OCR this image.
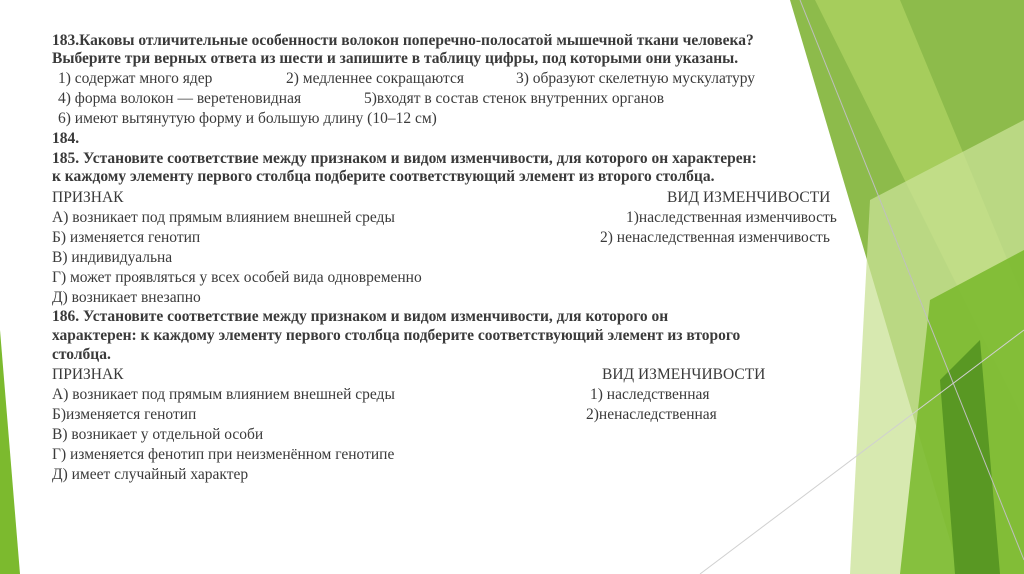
183.Каковы отличительные особенности волокон поперечно-полосатой мышечной ткани человека?
Выберите три верных ответа из шести и запишите в таблицу цифры, под которыми они указаны.
1) содержат много ядер	2) медленнее сокращаются	3) образуют скелетную мускулатуру
4) форма волокон — веретеновидная	5)входят в состав стенок внутренних органов
6) имеют вытянутую форму и большую длину (10–12 см)
184.
185. Установите соответствие между признаком и видом изменчивости, для которого он характерен:
к каждому элементу первого столбца подберите соответствующий элемент из второго столбца.
ПРИЗНАК	ВИД ИЗМЕНЧИВОСТИ
А) возникает под прямым влиянием внешней среды	1)наследственная изменчивость
Б) изменяется генотип	2) ненаследственная изменчивость
В) индивидуальна
Г) может проявляться у всех особей вида одновременно
Д) возникает внезапно
186. Установите соответствие между признаком и видом изменчивости, для которого он
характерен: к каждому элементу первого столбца подберите соответствующий элемент из второго
столбца.
ПРИЗНАК	ВИД ИЗМЕНЧИВОСТИ
А) возникает под прямым влиянием внешней среды	1) наследственная
Б)изменяется генотип	2)ненаследственная
В) возникает у отдельной особи
Г) изменяется фенотип при неизменённом генотипе
Д) имеет случайный характер
